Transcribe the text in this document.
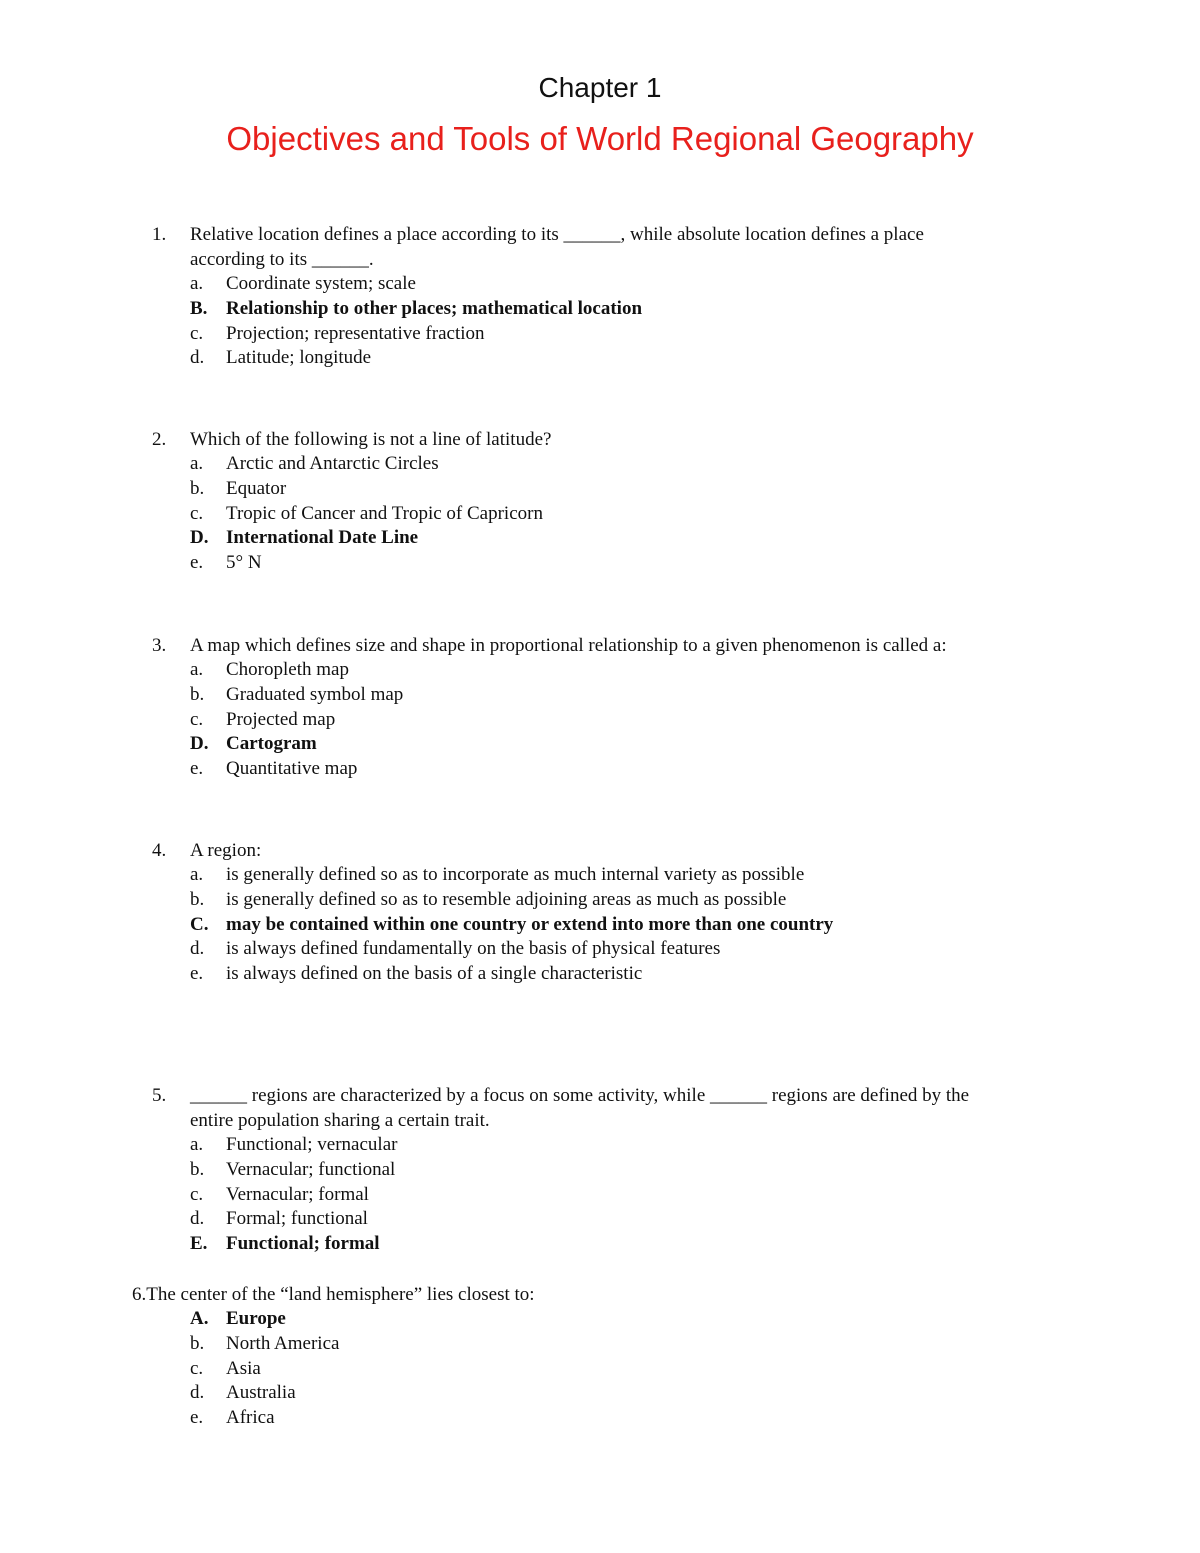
Chapter 1
Objectives and Tools of World Regional Geography
1. Relative location defines a place according to its ______, while absolute location defines a place
according to its ______.
a. Coordinate system; scale
B. Relationship to other places; mathematical location
c. Projection; representative fraction
d. Latitude; longitude
2. Which of the following is not a line of latitude?
a. Arctic and Antarctic Circles
b. Equator
c. Tropic of Cancer and Tropic of Capricorn
D. International Date Line
e. 5° N
3. A map which defines size and shape in proportional relationship to a given phenomenon is called a:
a. Choropleth map
b. Graduated symbol map
c. Projected map
D. Cartogram
e. Quantitative map
4. A region:
a. is generally defined so as to incorporate as much internal variety as possible
b. is generally defined so as to resemble adjoining areas as much as possible
C. may be contained within one country or extend into more than one country
d. is always defined fundamentally on the basis of physical features
e. is always defined on the basis of a single characteristic
5. ______ regions are characterized by a focus on some activity, while ______ regions are defined by the
entire population sharing a certain trait.
a. Functional; vernacular
b. Vernacular; functional
c. Vernacular; formal
d. Formal; functional
E. Functional; formal
6.The center of the “land hemisphere” lies closest to:
A. Europe
b. North America
c. Asia
d. Australia
e. Africa
